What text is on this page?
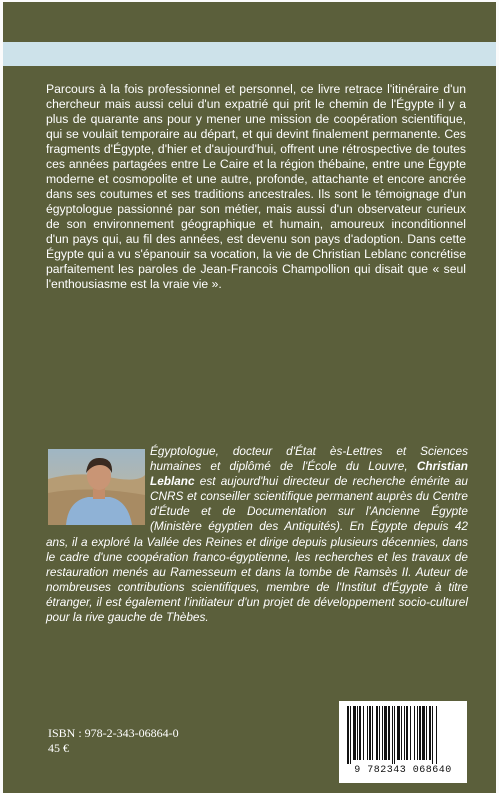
Parcours à la fois professionnel et personnel, ce livre retrace l'itinéraire d'un chercheur mais aussi celui d'un expatrié qui prit le chemin de l'Égypte il y a plus de quarante ans pour y mener une mission de coopération scientifique, qui se voulait temporaire au départ, et qui devint finalement permanente. Ces fragments d'Égypte, d'hier et d'aujourd'hui, offrent une rétrospective de toutes ces années partagées entre Le Caire et la région thébaine, entre une Égypte moderne et cosmopolite et une autre, profonde, attachante et encore ancrée dans ses coutumes et ses traditions ancestrales. Ils sont le témoignage d'un égyptologue passionné par son métier, mais aussi d'un observateur curieux de son environnement géographique et humain, amoureux inconditionnel d'un pays qui, au fil des années, est devenu son pays d'adoption. Dans cette Égypte qui a vu s'épanouir sa vocation, la vie de Christian Leblanc concrétise parfaitement les paroles de Jean-Francois Champollion qui disait que « seul l'enthousiasme est la vraie vie ».

Égyptologue, docteur d'État ès-Lettres et Sciences humaines et diplômé de l'École du Louvre, Christian Leblanc est aujourd'hui directeur de recherche émérite au CNRS et conseiller scientifique permanent auprès du Centre d'Étude et de Documentation sur l'Ancienne Égypte (Ministère égyptien des Antiquités). En Égypte depuis 42 ans, il a exploré la Vallée des Reines et dirige depuis plusieurs décennies, dans le cadre d'une coopération franco-égyptienne, les recherches et les travaux de restauration menés au Ramesseum et dans la tombe de Ramsès II. Auteur de nombreuses contributions scientifiques, membre de l'Institut d'Égypte à titre étranger, il est également l'initiateur d'un projet de développement socio-culturel pour la rive gauche de Thèbes.

ISBN : 978-2-343-06864-0
45 €
9 782343 068640
